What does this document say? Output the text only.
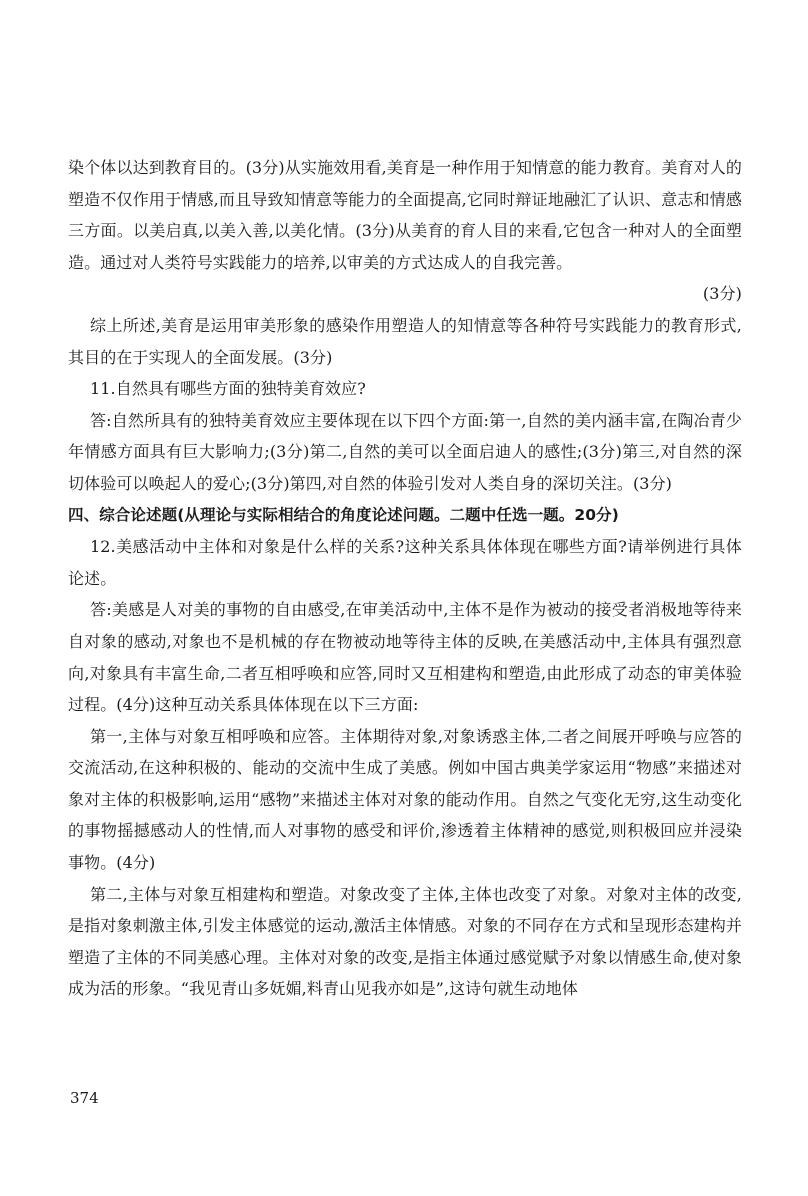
染个体以达到教育目的。(3分)从实施效用看,美育是一种作用于知情意的能力教育。美育对人的塑造不仅作用于情感,而且导致知情意等能力的全面提高,它同时辩证地融汇了认识、意志和情感三方面。以美启真,以美入善,以美化情。(3分)从美育的育人目的来看,它包含一种对人的全面塑造。通过对人类符号实践能力的培养,以审美的方式达成人的自我完善。

(3分)

综上所述,美育是运用审美形象的感染作用塑造人的知情意等各种符号实践能力的教育形式,其目的在于实现人的全面发展。(3分)

11.自然具有哪些方面的独特美育效应?

答:自然所具有的独特美育效应主要体现在以下四个方面:第一,自然的美内涵丰富,在陶冶青少年情感方面具有巨大影响力;(3分)第二,自然的美可以全面启迪人的感性;(3分)第三,对自然的深切体验可以唤起人的爱心;(3分)第四,对自然的体验引发对人类自身的深切关注。(3分)

四、综合论述题(从理论与实际相结合的角度论述问题。二题中任选一题。20分)

12.美感活动中主体和对象是什么样的关系?这种关系具体体现在哪些方面?请举例进行具体论述。

答:美感是人对美的事物的自由感受,在审美活动中,主体不是作为被动的接受者消极地等待来自对象的感动,对象也不是机械的存在物被动地等待主体的反映,在美感活动中,主体具有强烈意向,对象具有丰富生命,二者互相呼唤和应答,同时又互相建构和塑造,由此形成了动态的审美体验过程。(4分)这种互动关系具体体现在以下三方面:

第一,主体与对象互相呼唤和应答。主体期待对象,对象诱惑主体,二者之间展开呼唤与应答的交流活动,在这种积极的、能动的交流中生成了美感。例如中国古典美学家运用“物感”来描述对象对主体的积极影响,运用“感物”来描述主体对对象的能动作用。自然之气变化无穷,这生动变化的事物摇撼感动人的性情,而人对事物的感受和评价,渗透着主体精神的感觉,则积极回应并浸染事物。(4分)

第二,主体与对象互相建构和塑造。对象改变了主体,主体也改变了对象。对象对主体的改变,是指对象刺激主体,引发主体感觉的运动,激活主体情感。对象的不同存在方式和呈现形态建构并塑造了主体的不同美感心理。主体对对象的改变,是指主体通过感觉赋予对象以情感生命,使对象成为活的形象。“我见青山多妩媚,料青山见我亦如是”,这诗句就生动地体

374
